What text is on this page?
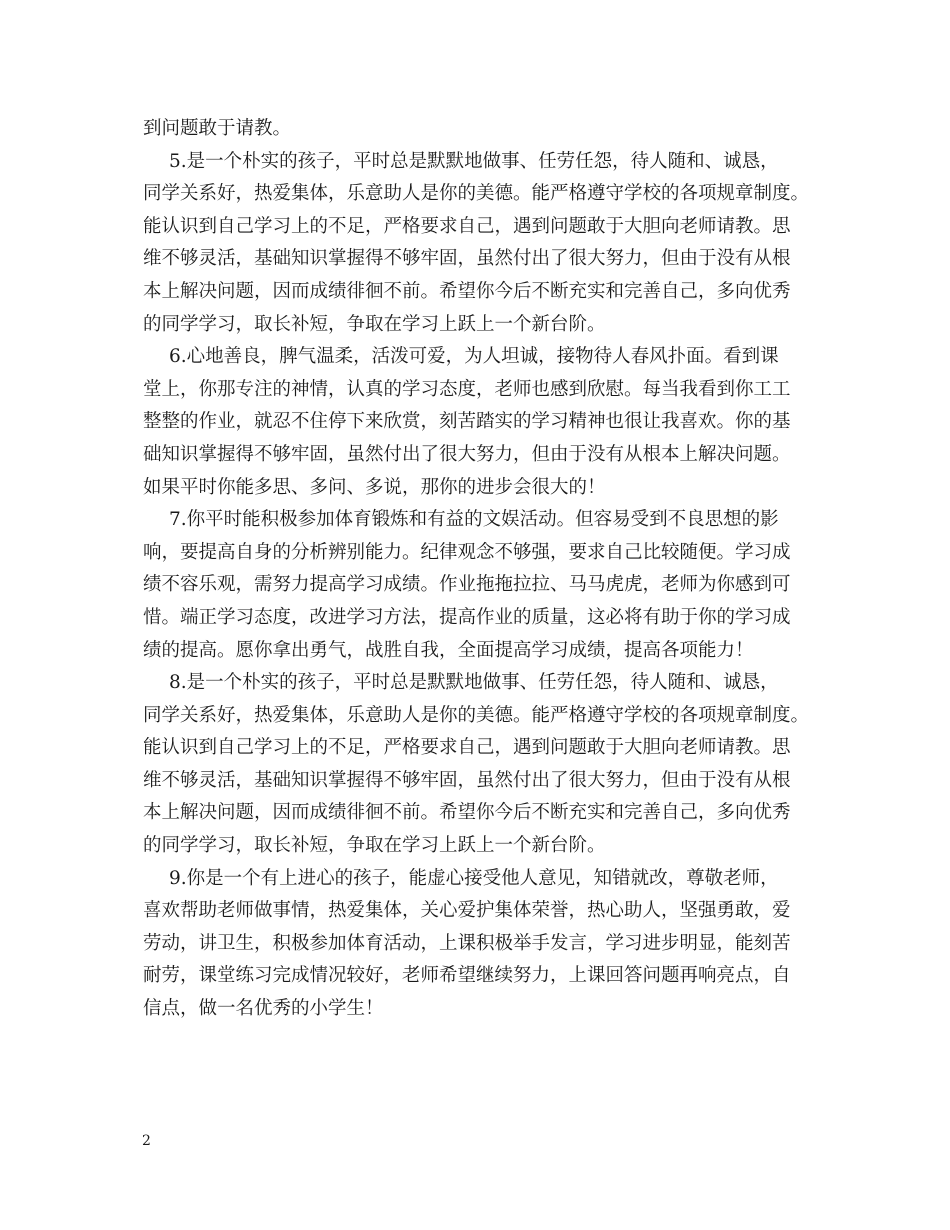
到问题敢于请教。
5.是一个朴实的孩子，平时总是默默地做事、任劳任怨，待人随和、诚恳，
同学关系好，热爱集体，乐意助人是你的美德。能严格遵守学校的各项规章制度。
能认识到自己学习上的不足，严格要求自己，遇到问题敢于大胆向老师请教。思
维不够灵活，基础知识掌握得不够牢固，虽然付出了很大努力，但由于没有从根
本上解决问题，因而成绩徘徊不前。希望你今后不断充实和完善自己，多向优秀
的同学学习，取长补短，争取在学习上跃上一个新台阶。
6.心地善良，脾气温柔，活泼可爱，为人坦诚，接物待人春风扑面。看到课
堂上，你那专注的神情，认真的学习态度，老师也感到欣慰。每当我看到你工工
整整的作业，就忍不住停下来欣赏，刻苦踏实的学习精神也很让我喜欢。你的基
础知识掌握得不够牢固，虽然付出了很大努力，但由于没有从根本上解决问题。
如果平时你能多思、多问、多说，那你的进步会很大的！
7.你平时能积极参加体育锻炼和有益的文娱活动。但容易受到不良思想的影
响，要提高自身的分析辨别能力。纪律观念不够强，要求自己比较随便。学习成
绩不容乐观，需努力提高学习成绩。作业拖拖拉拉、马马虎虎，老师为你感到可
惜。端正学习态度，改进学习方法，提高作业的质量，这必将有助于你的学习成
绩的提高。愿你拿出勇气，战胜自我，全面提高学习成绩，提高各项能力！
8.是一个朴实的孩子，平时总是默默地做事、任劳任怨，待人随和、诚恳，
同学关系好，热爱集体，乐意助人是你的美德。能严格遵守学校的各项规章制度。
能认识到自己学习上的不足，严格要求自己，遇到问题敢于大胆向老师请教。思
维不够灵活，基础知识掌握得不够牢固，虽然付出了很大努力，但由于没有从根
本上解决问题，因而成绩徘徊不前。希望你今后不断充实和完善自己，多向优秀
的同学学习，取长补短，争取在学习上跃上一个新台阶。
9.你是一个有上进心的孩子，能虚心接受他人意见，知错就改，尊敬老师，
喜欢帮助老师做事情，热爱集体，关心爱护集体荣誉，热心助人，坚强勇敢，爱
劳动，讲卫生，积极参加体育活动，上课积极举手发言，学习进步明显，能刻苦
耐劳，课堂练习完成情况较好，老师希望继续努力，上课回答问题再响亮点，自
信点，做一名优秀的小学生！
2
